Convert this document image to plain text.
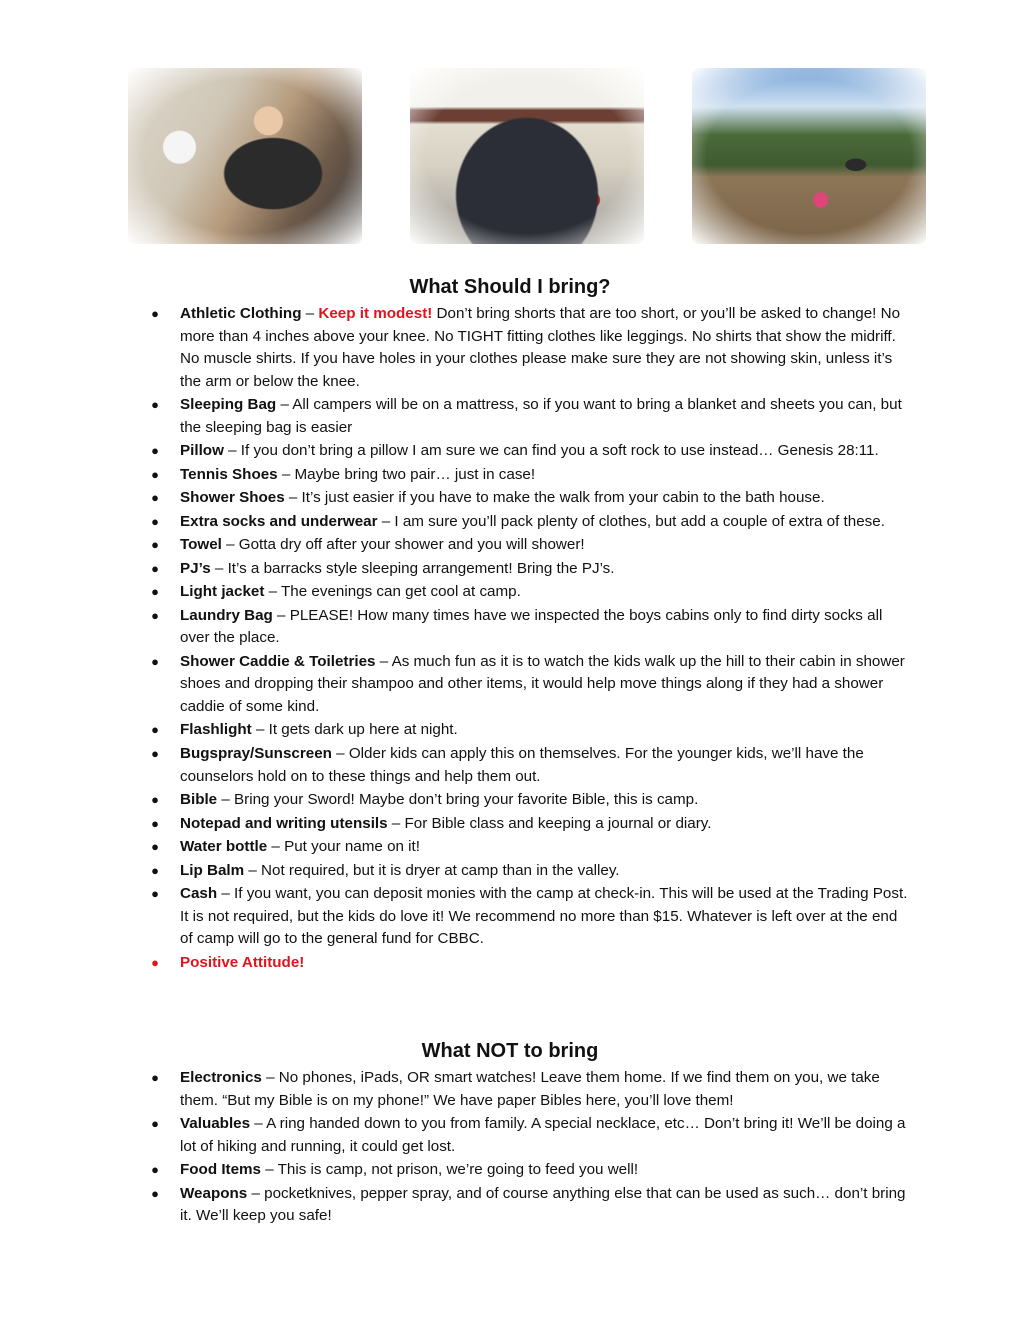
What Should I bring?
● Athletic Clothing – Keep it modest! Don’t bring shorts that are too short, or you’ll be asked to change! No more than 4 inches above your knee. No TIGHT fitting clothes like leggings. No shirts that show the midriff. No muscle shirts. If you have holes in your clothes please make sure they are not showing skin, unless it’s the arm or below the knee.
● Sleeping Bag – All campers will be on a mattress, so if you want to bring a blanket and sheets you can, but the sleeping bag is easier
● Pillow – If you don’t bring a pillow I am sure we can find you a soft rock to use instead… Genesis 28:11.
● Tennis Shoes – Maybe bring two pair… just in case!
● Shower Shoes – It’s just easier if you have to make the walk from your cabin to the bath house.
● Extra socks and underwear – I am sure you’ll pack plenty of clothes, but add a couple of extra of these.
● Towel – Gotta dry off after your shower and you will shower!
● PJ’s – It’s a barracks style sleeping arrangement! Bring the PJ’s.
● Light jacket – The evenings can get cool at camp.
● Laundry Bag – PLEASE! How many times have we inspected the boys cabins only to find dirty socks all over the place.
● Shower Caddie & Toiletries – As much fun as it is to watch the kids walk up the hill to their cabin in shower shoes and dropping their shampoo and other items, it would help move things along if they had a shower caddie of some kind.
● Flashlight – It gets dark up here at night.
● Bugspray/Sunscreen – Older kids can apply this on themselves. For the younger kids, we’ll have the counselors hold on to these things and help them out.
● Bible – Bring your Sword! Maybe don’t bring your favorite Bible, this is camp.
● Notepad and writing utensils – For Bible class and keeping a journal or diary.
● Water bottle – Put your name on it!
● Lip Balm – Not required, but it is dryer at camp than in the valley.
● Cash – If you want, you can deposit monies with the camp at check-in. This will be used at the Trading Post. It is not required, but the kids do love it! We recommend no more than $15. Whatever is left over at the end of camp will go to the general fund for CBBC.
● Positive Attitude!
What NOT to bring
● Electronics – No phones, iPads, OR smart watches! Leave them home. If we find them on you, we take them. “But my Bible is on my phone!” We have paper Bibles here, you’ll love them!
● Valuables – A ring handed down to you from family. A special necklace, etc… Don’t bring it! We’ll be doing a lot of hiking and running, it could get lost.
● Food Items – This is camp, not prison, we’re going to feed you well!
● Weapons – pocketknives, pepper spray, and of course anything else that can be used as such… don’t bring it. We’ll keep you safe!
